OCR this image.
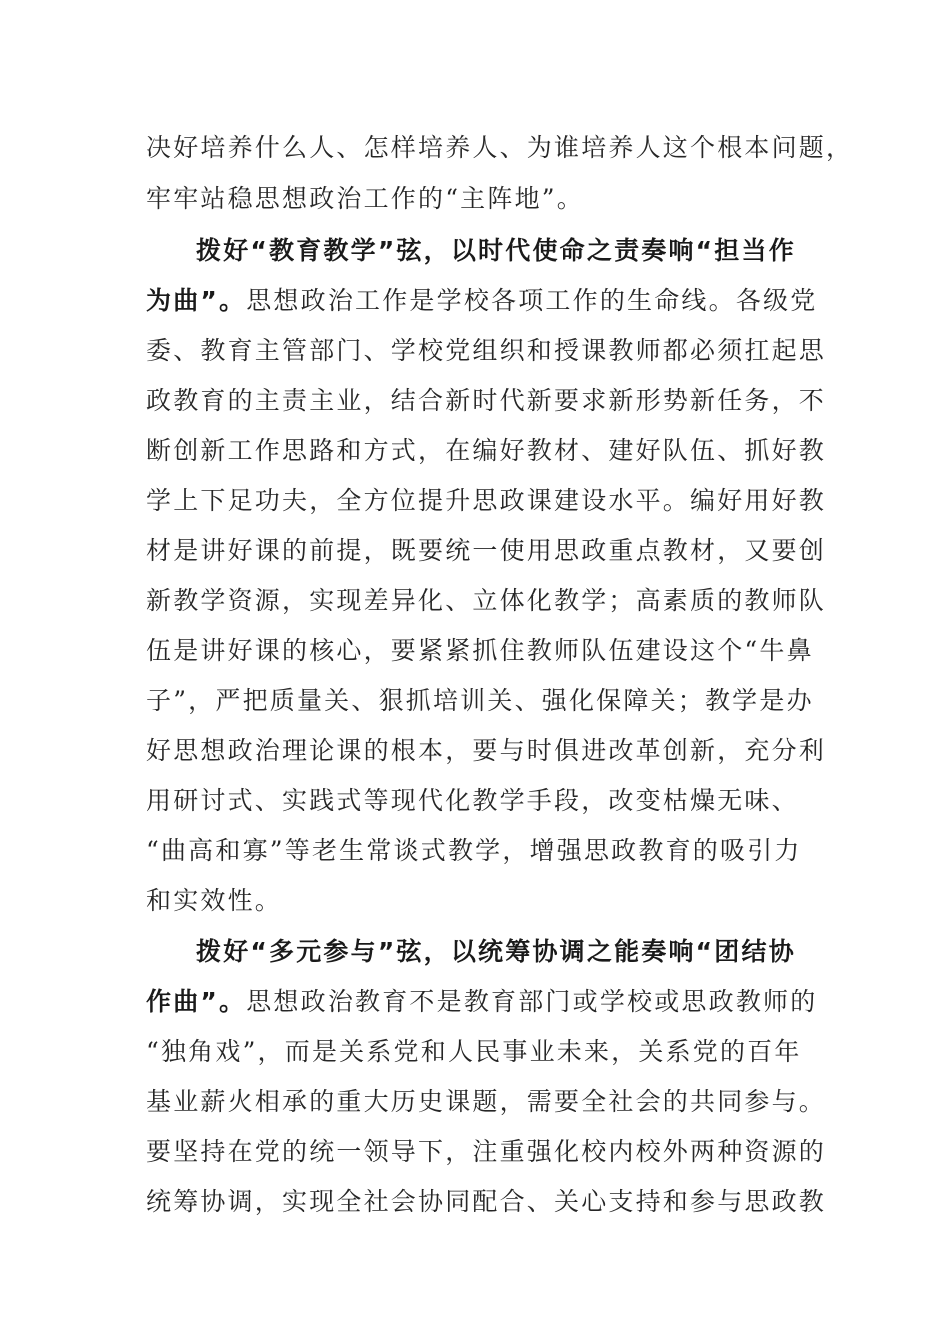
决好培养什么人、怎样培养人、为谁培养人这个根本问题，
牢牢站稳思想政治工作的“主阵地”。
拨好“教育教学”弦，以时代使命之责奏响“担当作
为曲”。思想政治工作是学校各项工作的生命线。各级党
委、教育主管部门、学校党组织和授课教师都必须扛起思
政教育的主责主业，结合新时代新要求新形势新任务，不
断创新工作思路和方式，在编好教材、建好队伍、抓好教
学上下足功夫，全方位提升思政课建设水平。编好用好教
材是讲好课的前提，既要统一使用思政重点教材，又要创
新教学资源，实现差异化、立体化教学；高素质的教师队
伍是讲好课的核心，要紧紧抓住教师队伍建设这个“牛鼻
子”，严把质量关、狠抓培训关、强化保障关；教学是办
好思想政治理论课的根本，要与时俱进改革创新，充分利
用研讨式、实践式等现代化教学手段，改变枯燥无味、
“曲高和寡”等老生常谈式教学，增强思政教育的吸引力
和实效性。
拨好“多元参与”弦，以统筹协调之能奏响“团结协
作曲”。思想政治教育不是教育部门或学校或思政教师的
“独角戏”，而是关系党和人民事业未来，关系党的百年
基业薪火相承的重大历史课题，需要全社会的共同参与。
要坚持在党的统一领导下，注重强化校内校外两种资源的
统筹协调，实现全社会协同配合、关心支持和参与思政教
